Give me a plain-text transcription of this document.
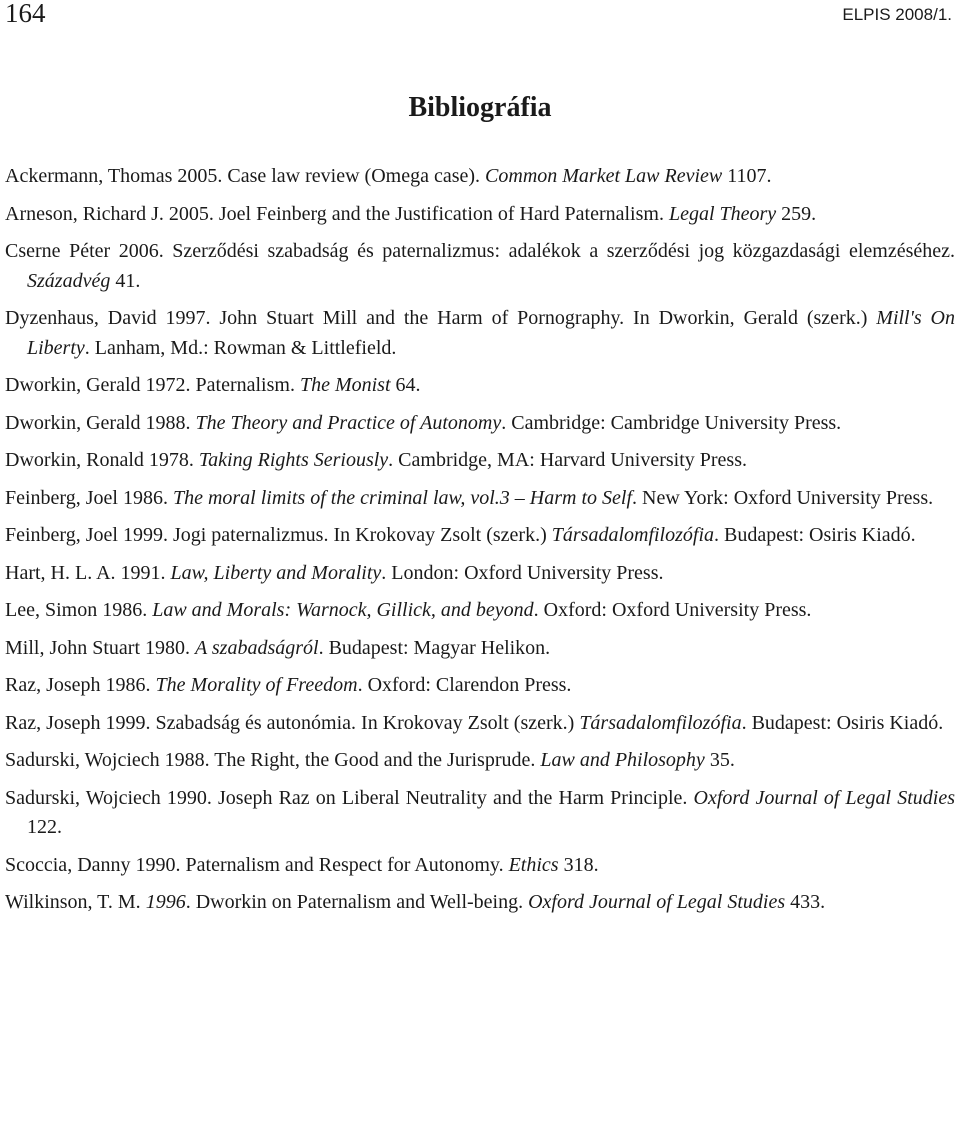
164	ELPIS 2008/1.
Bibliográfia
Ackermann, Thomas 2005. Case law review (Omega case). Common Market Law Review 1107.
Arneson, Richard J. 2005. Joel Feinberg and the Justification of Hard Paternalism. Legal Theory 259.
Cserne Péter 2006. Szerződési szabadság és paternalizmus: adalékok a szerződési jog közgazdasági elemzéséhez. Századvég 41.
Dyzenhaus, David 1997. John Stuart Mill and the Harm of Pornography. In Dworkin, Gerald (szerk.) Mill's On Liberty. Lanham, Md.: Rowman & Littlefield.
Dworkin, Gerald 1972. Paternalism. The Monist 64.
Dworkin, Gerald 1988. The Theory and Practice of Autonomy. Cambridge: Cambridge University Press.
Dworkin, Ronald 1978. Taking Rights Seriously. Cambridge, MA: Harvard University Press.
Feinberg, Joel 1986. The moral limits of the criminal law, vol.3 – Harm to Self. New York: Oxford University Press.
Feinberg, Joel 1999. Jogi paternalizmus. In Krokovay Zsolt (szerk.) Társadalomfilozófia. Budapest: Osiris Kiadó.
Hart, H. L. A. 1991. Law, Liberty and Morality. London: Oxford University Press.
Lee, Simon 1986. Law and Morals: Warnock, Gillick, and beyond. Oxford: Oxford University Press.
Mill, John Stuart 1980. A szabadságról. Budapest: Magyar Helikon.
Raz, Joseph 1986. The Morality of Freedom. Oxford: Clarendon Press.
Raz, Joseph 1999. Szabadság és autonómia. In Krokovay Zsolt (szerk.) Társadalomfilozófia. Budapest: Osiris Kiadó.
Sadurski, Wojciech 1988. The Right, the Good and the Jurisprude. Law and Philosophy 35.
Sadurski, Wojciech 1990. Joseph Raz on Liberal Neutrality and the Harm Principle. Oxford Journal of Legal Studies 122.
Scoccia, Danny 1990. Paternalism and Respect for Autonomy. Ethics 318.
Wilkinson, T. M. 1996. Dworkin on Paternalism and Well-being. Oxford Journal of Legal Studies 433.
